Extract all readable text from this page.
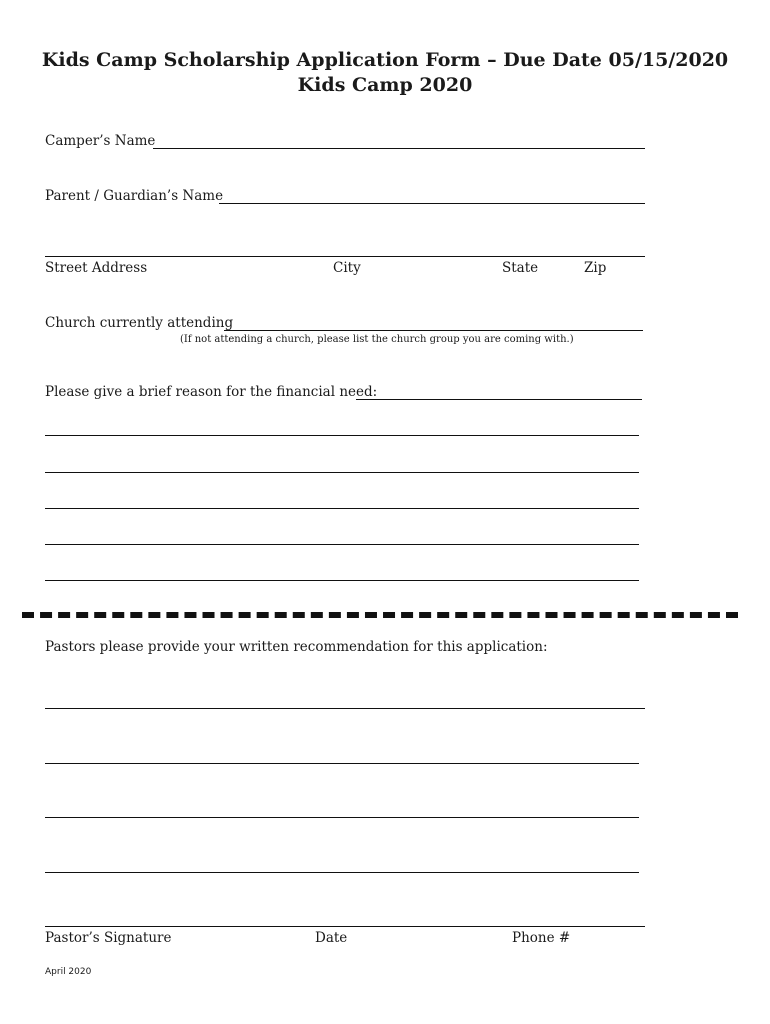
Kids Camp Scholarship Application Form – Due Date 05/15/2020
Kids Camp 2020
Camper’s Name
Parent / Guardian’s Name
Street Address	City	State	Zip
Church currently attending
(If not attending a church, please list the church group you are coming with.)
Please give a brief reason for the financial need:
Pastors please provide your written recommendation for this application:
Pastor’s Signature	Date	Phone #
April 2020
